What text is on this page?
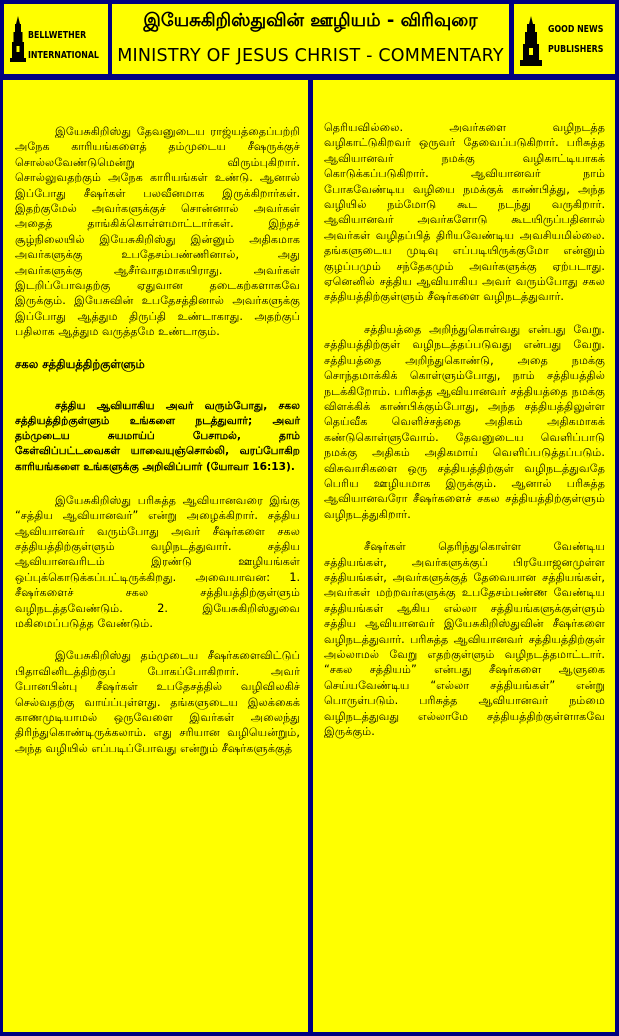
BELLWETHER
INTERNATIONAL
இயேசுகிறிஸ்துவின் ஊழியம் - விரிவுரை
MINISTRY OF JESUS CHRIST - COMMENTARY
GOOD NEWS
PUBLISHERS

இயேசுகிறிஸ்து தேவனுடைய ராஜ்யத்தைப்பற்றி அநேக காரியங்களைத் தம்முடைய சீஷருக்குச் சொல்லவேண்டுமென்று விரும்புகிறார். சொல்லுவதற்கும் அநேக காரியங்கள் உண்டு. ஆனால் இப்போது சீஷர்கள் பலவீனமாக இருக்கிறார்கள். இதற்குமேல் அவர்களுக்குச் சொன்னால் அவர்கள் அதைத் தாங்கிக்கொள்ளமாட்டார்கள். இந்தச் சூழ்நிலையில் இயேசுகிறிஸ்து இன்னும் அதிகமாக அவர்களுக்கு உபதேசம்பண்ணினால், அது அவர்களுக்கு ஆசீர்வாதமாகயிராது. அவர்கள் இடறிப்போவதற்கு ஏதுவான தடைகற்களாகவே இருக்கும். இயேசுவின் உபதேசத்தினால் அவர்களுக்கு இப்போது ஆத்தும திருப்தி உண்டாகாது. அதற்குப் பதிலாக ஆத்தும வருத்தமே உண்டாகும்.

சகல சத்தியத்திற்குள்ளும்

சத்திய ஆவியாகிய அவர் வரும்போது, சகல சத்தியத்திற்குள்ளும் உங்களை நடத்துவார்; அவர் தம்முடைய சுயமாய்ப் பேசாமல், தாம் கேள்விப்பட்டவைகள் யாவையுஞ்சொல்லி, வரப்போகிற காரியங்களை உங்களுக்கு அறிவிப்பார் (யோவா 16:13).

இயேசுகிறிஸ்து பரிசுத்த ஆவியானவரை இங்கு “சத்திய ஆவியானவர்” என்று அழைக்கிறார். சத்திய ஆவியானவர் வரும்போது அவர் சீஷர்களை சகல சத்தியத்திற்குள்ளும் வழிநடத்துவார். சத்திய ஆவியானவரிடம் இரண்டு ஊழியங்கள் ஒப்புக்கொடுக்கப்பட்டிருக்கிறது. அவையாவன: 1. சீஷர்களைச் சகல சத்தியத்திற்குள்ளும் வழிநடத்தவேண்டும். 2. இயேசுகிறிஸ்துவை மகிமைப்படுத்த வேண்டும்.

இயேசுகிறிஸ்து தம்முடைய சீஷர்களைவிட்டுப் பிதாவினிடத்திற்குப் போகப்போகிறார். அவர் போனபின்பு சீஷர்கள் உபதேசத்தில் வழிவிலகிச் செல்வதற்கு வாய்ப்புள்ளது. தங்களுடைய இலக்கைக் காணமுடியாமல் ஒருவேளை இவர்கள் அலைந்து திரிந்துகொண்டிருக்கலாம். எது சரியான வழியென்றும், அந்த வழியில் எப்படிப்போவது என்றும் சீஷர்களுக்குத்

தெரியவில்லை. அவர்களை வழிநடத்த வழிகாட்டுகிறவர் ஒருவர் தேவைப்படுகிறார். பரிசுத்த ஆவியானவர் நமக்கு வழிகாட்டியாகக் கொடுக்கப்படுகிறார். ஆவியானவர் நாம் போகவேண்டிய வழியை நமக்குக் காண்பித்து, அந்த வழியில் நம்மோடு கூட நடந்து வருகிறார். ஆவியானவர் அவர்களோடு கூடயிருப்பதினால் அவர்கள் வழிதப்பித் திரியவேண்டிய அவசியமில்லை. தங்களுடைய முடிவு எப்படியிருக்குமோ என்னும் குழப்பமும் சந்தேகமும் அவர்களுக்கு ஏற்படாது. ஏனெனில் சத்திய ஆவியாகிய அவர் வரும்போது சகல சத்தியத்திற்குள்ளும் சீஷர்களை வழிநடத்துவார்.

சத்தியத்தை அறிந்துகொள்வது என்பது வேறு. சத்தியத்திற்குள் வழிநடத்தப்படுவது என்பது வேறு. சத்தியத்தை அறிந்துகொண்டு, அதை நமக்கு சொந்தமாக்கிக் கொள்ளும்போது, நாம் சத்தியத்தில் நடக்கிறோம். பரிசுத்த ஆவியானவர் சத்தியத்தை நமக்கு விளக்கிக் காண்பிக்கும்போது, அந்த சத்தியத்திலுள்ள தெய்வீக வெளிச்சத்தை அதிகம் அதிகமாகக் கண்டுகொள்ளுவோம். தேவனுடைய வெளிப்பாடு நமக்கு அதிகம் அதிகமாய் வெளிப்படுத்தப்படும். விசுவாசிகளை ஒரு சத்தியத்திற்குள் வழிநடத்துவதே பெரிய ஊழியமாக இருக்கும். ஆனால் பரிசுத்த ஆவியானவரோ சீஷர்களைச் சகல சத்தியத்திற்குள்ளும் வழிநடத்துகிறார்.

சீஷர்கள் தெரிந்துகொள்ள வேண்டிய சத்தியங்கள், அவர்களுக்குப் பிரயோஜனமுள்ள சத்தியங்கள், அவர்களுக்குத் தேவையான சத்தியங்கள், அவர்கள் மற்றவர்களுக்கு உபதேசம்பண்ண வேண்டிய சத்தியங்கள் ஆகிய எல்லா சத்தியங்களுக்குள்ளும் சத்திய ஆவியானவர் இயேசுகிறிஸ்துவின் சீஷர்களை வழிநடத்துவார். பரிசுத்த ஆவியானவர் சத்தியத்திற்குள் அல்லாமல் வேறு எதற்குள்ளும் வழிநடத்தமாட்டார். “சகல சத்தியம்” என்பது சீஷர்களை ஆளுகை செய்யவேண்டிய “எல்லா சத்தியங்கள்” என்று பொருள்படும். பரிசுத்த ஆவியானவர் நம்மை வழிநடத்துவது எல்லாமே சத்தியத்திற்குள்ளாகவே இருக்கும்.
